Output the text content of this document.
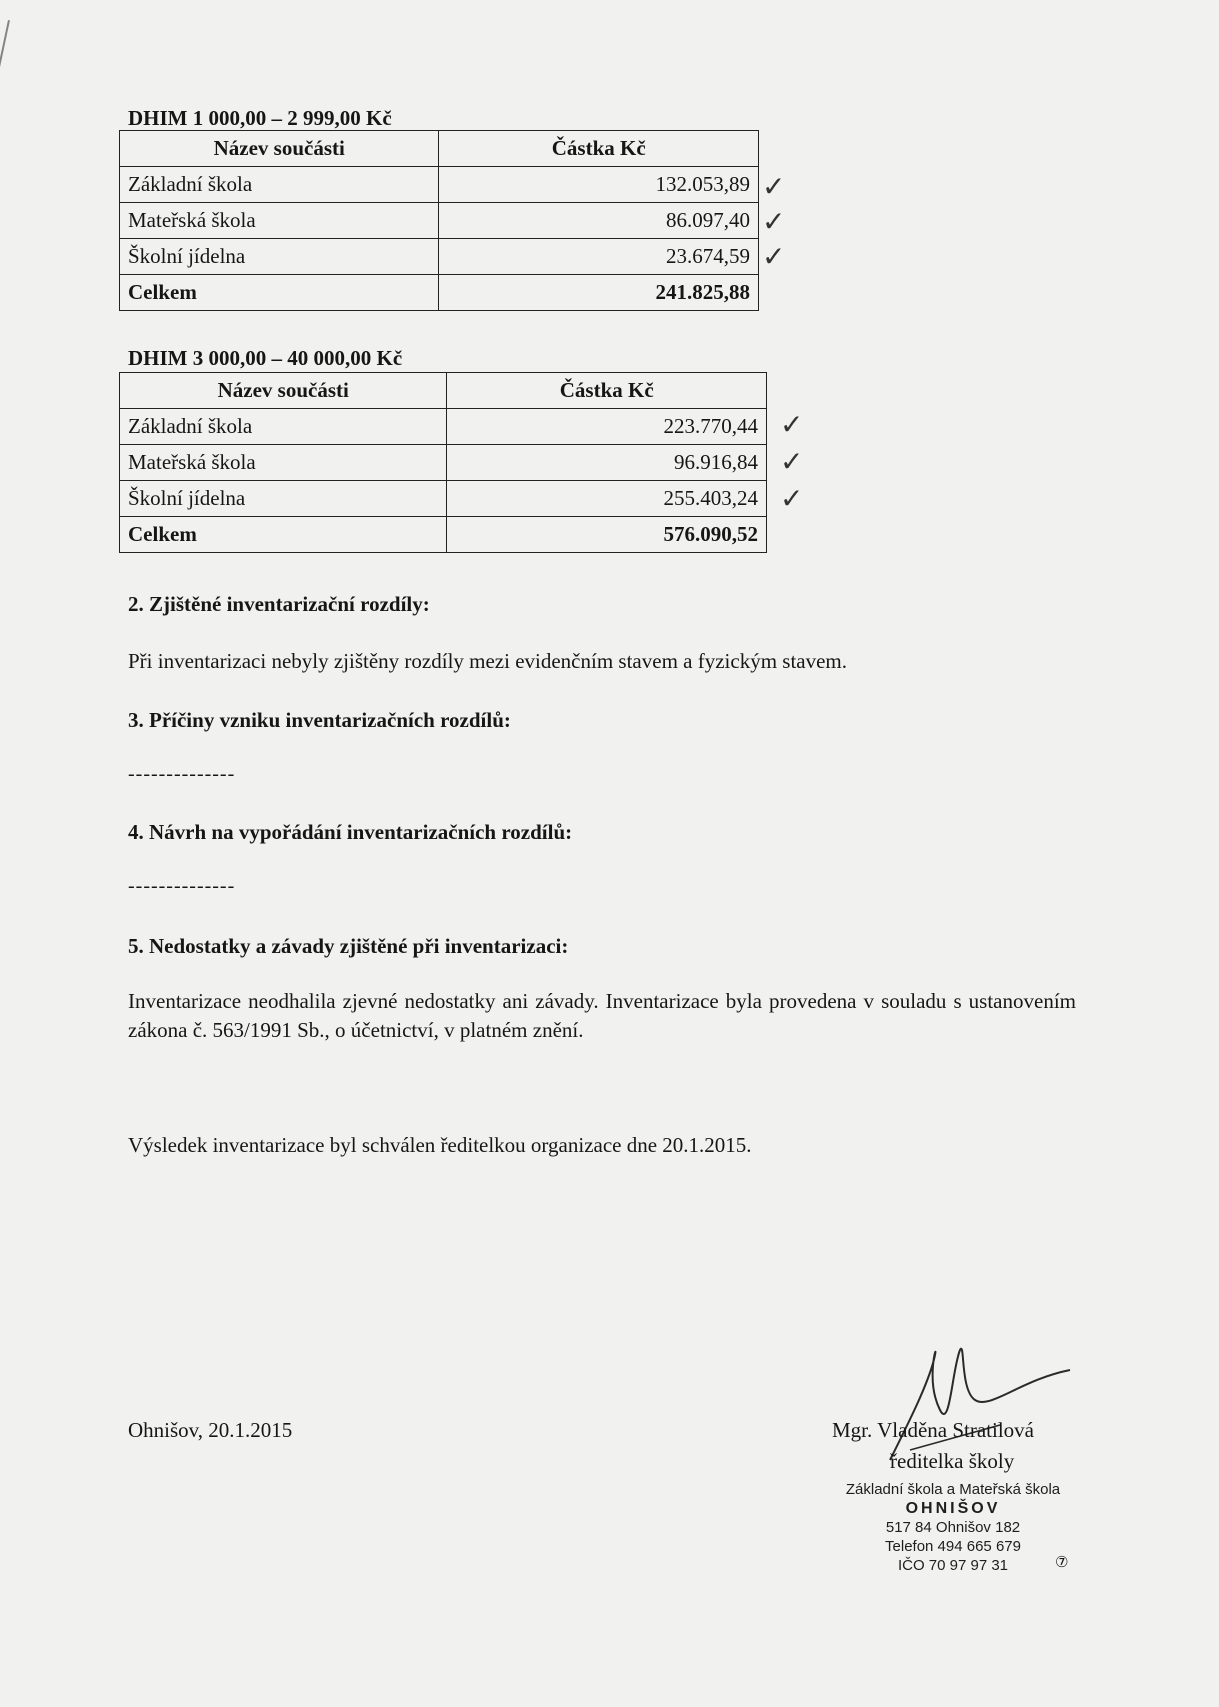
DHIM 1 000,00 – 2 999,00 Kč
Název součásti	Částka Kč
Základní škola	132.053,89
Mateřská škola	86.097,40
Školní jídelna	23.674,59
Celkem	241.825,88
✓
✓
✓
DHIM 3 000,00 – 40 000,00 Kč
Název součásti	Částka Kč
Základní škola	223.770,44
Mateřská škola	96.916,84
Školní jídelna	255.403,24
Celkem	576.090,52
✓
✓
✓
2. Zjištěné inventarizační rozdíly:
Při inventarizaci nebyly zjištěny rozdíly mezi evidenčním stavem a fyzickým stavem.
3. Příčiny vzniku inventarizačních rozdílů:
--------------
4. Návrh na vypořádání inventarizačních rozdílů:
--------------
5. Nedostatky a závady zjištěné při inventarizaci:
Inventarizace neodhalila zjevné nedostatky ani závady. Inventarizace byla provedena v souladu s ustanovením zákona č. 563/1991 Sb., o účetnictví, v platném znění.
Výsledek inventarizace byl schválen ředitelkou organizace dne 20.1.2015.
Ohnišov, 20.1.2015	Mgr. Vladěna Stratilová
ředitelka školy
Základní škola a Mateřská škola
OHNIŠOV
517 84 Ohnišov 182
Telefon 494 665 679
IČO 70 97 97 31	⑦
